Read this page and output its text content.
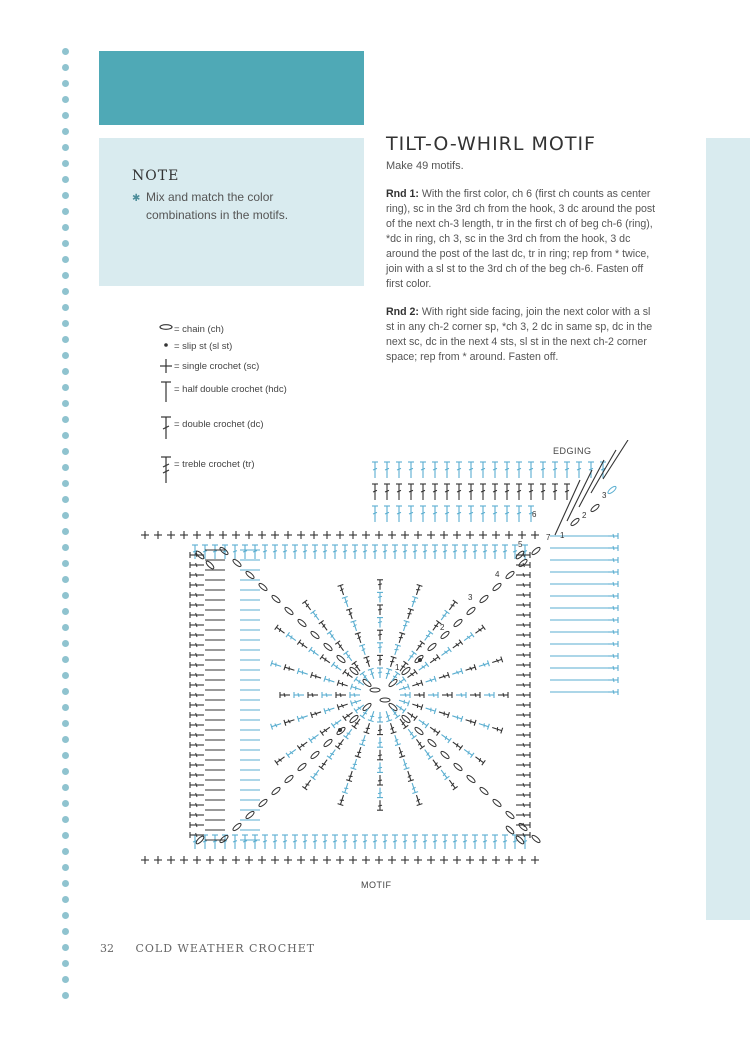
NOTE
✱ Mix and match the color combinations in the motifs.
TILT-O-WHIRL MOTIF
Make 49 motifs.
Rnd 1: With the first color, ch 6 (first ch counts as center ring), sc in the 3rd ch from the hook, 3 dc around the post of the next ch-3 length, tr in the first ch of beg ch-6 (ring), *dc in ring, ch 3, sc in the 3rd ch from the hook, 3 dc around the post of the last dc, tr in ring; rep from * twice, join with a sl st to the 3rd ch of the beg ch-6. Fasten off first color.
Rnd 2: With right side facing, join the next color with a sl st in any ch-2 corner sp, *ch 3, 2 dc in same sp, dc in the next sc, dc in the next 4 sts, sl st in the next ch-2 corner space; rep from * around. Fasten off.
= chain (ch)
= slip st (sl st)
= single crochet (sc)
= half double crochet (hdc)
= double crochet (dc)
= treble crochet (tr)
EDGING
1
2
3
4
5
6
7 1
2
3
MOTIF
32 COLD WEATHER CROCHET
